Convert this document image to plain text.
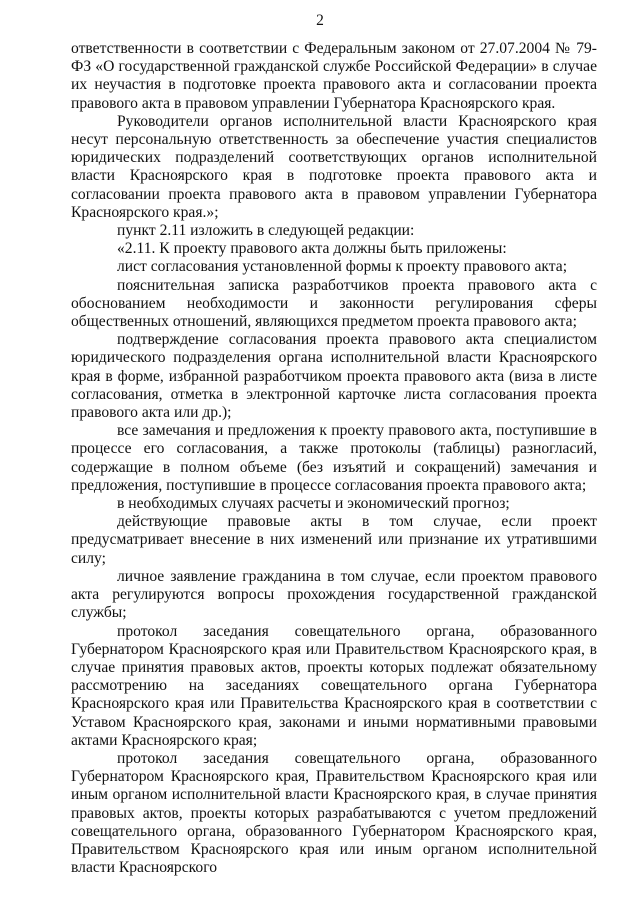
2

ответственности в соответствии с Федеральным законом от 27.07.2004 № 79-ФЗ «О государственной гражданской службе Российской Федерации» в случае их неучастия в подготовке проекта правового акта и согласовании проекта правового акта в правовом управлении Губернатора Красноярского края.

Руководители органов исполнительной власти Красноярского края несут персональную ответственность за обеспечение участия специалистов юридических подразделений соответствующих органов исполнительной власти Красноярского края в подготовке проекта правового акта и согласовании проекта правового акта в правовом управлении Губернатора Красноярского края.»;

пункт 2.11 изложить в следующей редакции:

«2.11. К проекту правового акта должны быть приложены:

лист согласования установленной формы к проекту правового акта;

пояснительная записка разработчиков проекта правового акта с обоснованием необходимости и законности регулирования сферы общественных отношений, являющихся предметом проекта правового акта;

подтверждение согласования проекта правового акта специалистом юридического подразделения органа исполнительной власти Красноярского края в форме, избранной разработчиком проекта правового акта (виза в листе согласования, отметка в электронной карточке листа согласования проекта правового акта или др.);

все замечания и предложения к проекту правового акта, поступившие в процессе его согласования, а также протоколы (таблицы) разногласий, содержащие в полном объеме (без изъятий и сокращений) замечания и предложения, поступившие в процессе согласования проекта правового акта;

в необходимых случаях расчеты и экономический прогноз;

действующие правовые акты в том случае, если проект предусматривает внесение в них изменений или признание их утратившими силу;

личное заявление гражданина в том случае, если проектом правового акта регулируются вопросы прохождения государственной гражданской службы;

протокол заседания совещательного органа, образованного Губернатором Красноярского края или Правительством Красноярского края, в случае принятия правовых актов, проекты которых подлежат обязательному рассмотрению на заседаниях совещательного органа Губернатора Красноярского края или Правительства Красноярского края в соответствии с Уставом Красноярского края, законами и иными нормативными правовыми актами Красноярского края;

протокол заседания совещательного органа, образованного Губернатором Красноярского края, Правительством Красноярского края или иным органом исполнительной власти Красноярского края, в случае принятия правовых актов, проекты которых разрабатываются с учетом предложений совещательного органа, образованного Губернатором Красноярского края, Правительством Красноярского края или иным органом исполнительной власти Красноярского
